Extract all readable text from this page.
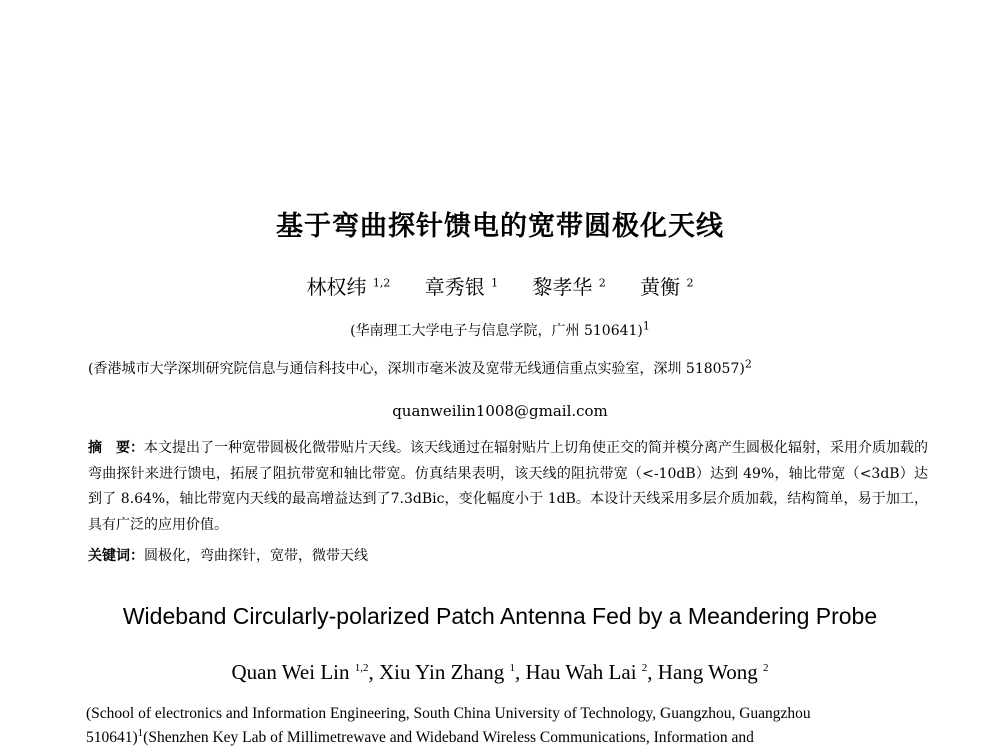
基于弯曲探针馈电的宽带圆极化天线
林权纬 $^{1,2}$ 章秀银 $^1$ 黎孝华 $^2$ 黄衡 $^2$
(华南理工大学电子与信息学院，广州 510641)$^1$
(香港城市大学深圳研究院信息与通信科技中心，深圳市毫米波及宽带无线通信重点实验室，深圳 518057)$^2$
quanweilin1008@gmail.com
摘　要：本文提出了一种宽带圆极化微带贴片天线。该天线通过在辐射贴片上切角使正交的简并模分离产生圆极化辐射，采用介质加载的弯曲探针来进行馈电，拓展了阻抗带宽和轴比带宽。仿真结果表明，该天线的阻抗带宽（<-10dB）达到 49%，轴比带宽（<3dB）达到了 8.64%，轴比带宽内天线的最高增益达到了7.3dBic，变化幅度小于 1dB。本设计天线采用多层介质加载，结构简单，易于加工，具有广泛的应用价值。
关键词：圆极化，弯曲探针，宽带，微带天线
Wideband Circularly-polarized Patch Antenna Fed by a Meandering Probe
Quan Wei Lin $^{1,2}$, Xiu Yin Zhang $^1$, Hau Wah Lai $^2$, Hang Wong $^2$
(School of electronics and Information Engineering, South China University of Technology, Guangzhou, Guangzhou 510641)$^1$(Shenzhen Key Lab of Millimetrewave and Wideband Wireless Communications, Information and
